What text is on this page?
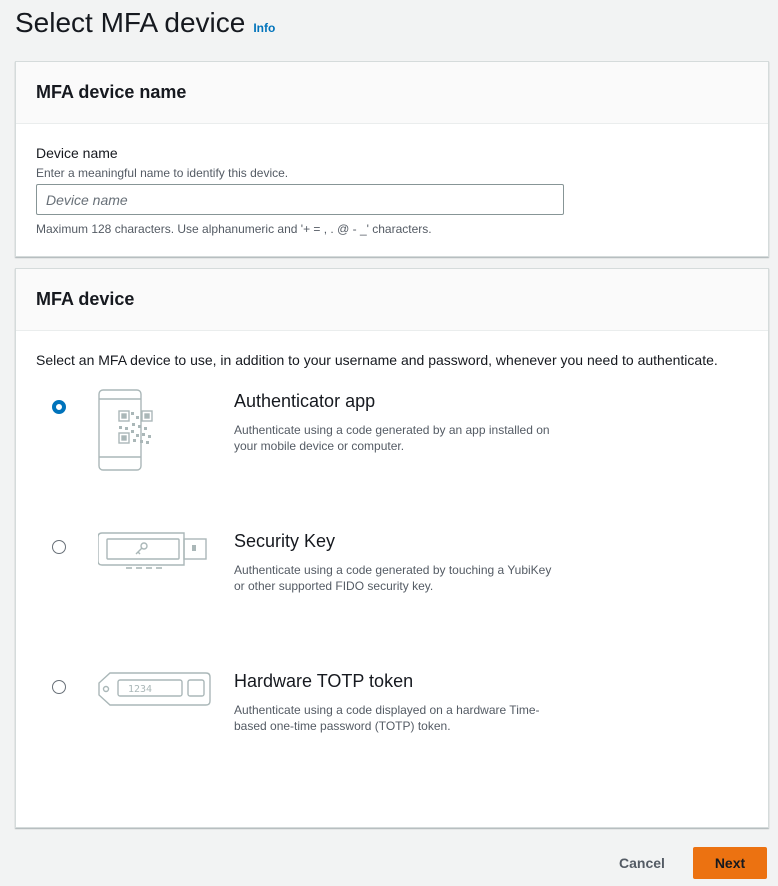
Select MFA device Info
MFA device name
Device name
Enter a meaningful name to identify this device.
Device name
Maximum 128 characters. Use alphanumeric and '+ = , . @ - _' characters.
MFA device
Select an MFA device to use, in addition to your username and password, whenever you need to authenticate.
Authenticator app
Authenticate using a code generated by an app installed on your mobile device or computer.
Security Key
Authenticate using a code generated by touching a YubiKey or other supported FIDO security key.
1234	Hardware TOTP token
Authenticate using a code displayed on a hardware Time-based one-time password (TOTP) token.
Cancel	Next
